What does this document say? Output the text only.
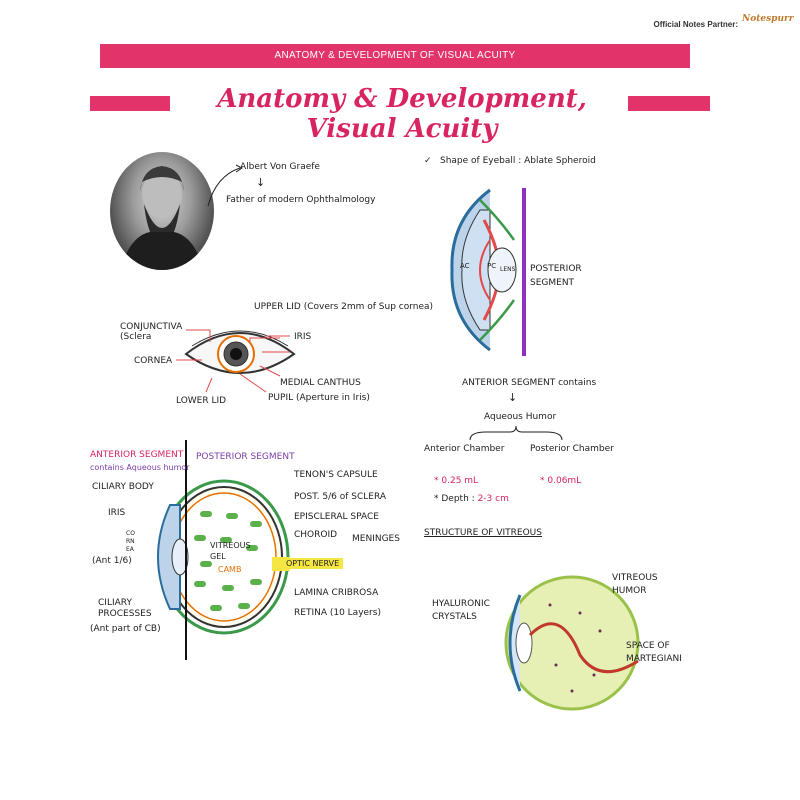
Official Notes Partner: Notespurr
ANATOMY & DEVELOPMENT OF VISUAL ACUITY
Anatomy & Development, Visual Acuity
Albert Von Graefe
↓
Father of modern Ophthalmology
✓ Shape of Eyeball : Ablate Spheroid
AC PC LENS POSTERIOR SEGMENT
UPPER LID (Covers 2mm of Sup cornea)
CONJUNCTIVA (Sclera	IRIS
CORNEA
MEDIAL CANTHUS
LOWER LID	PUPIL (Aperture in Iris)
ANTERIOR SEGMENT contains
↓
Aqueous Humor
Anterior Chamber	Posterior Chamber
* 0.25 mL
* Depth : 2-3 cm
* 0.06mL
ANTERIOR SEGMENT
contains Aqueous humor
POSTERIOR SEGMENT
CILIARY BODY
IRIS
CORNEA
(Ant 1/6)
CILIARY PROCESSES
(Ant part of CB)
TENON'S CAPSULE
POST. 5/6 of SCLERA
EPISCLERAL SPACE
CHOROID MENINGES
VITREOUS GEL
CAMB
OPTIC NERVE
LAMINA CRIBROSA
RETINA (10 Layers)
STRUCTURE OF VITREOUS
VITREOUS HUMOR
HYALURONIC CRYSTALS
SPACE OF MARTEGIANI
